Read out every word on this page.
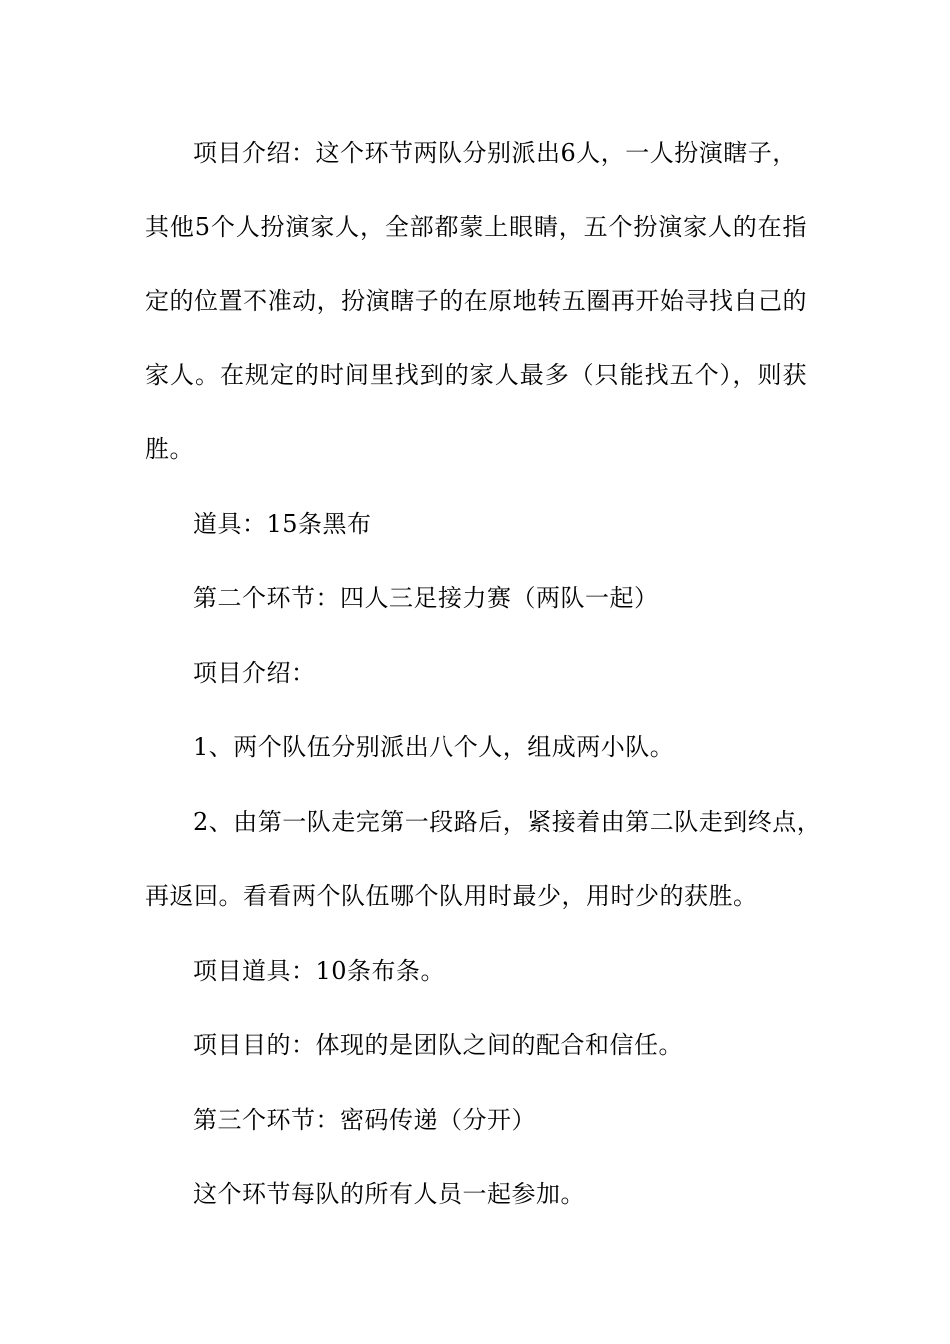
项目介绍：这个环节两队分别派出6人，一人扮演瞎子，
其他5个人扮演家人，全部都蒙上眼睛，五个扮演家人的在指
定的位置不准动，扮演瞎子的在原地转五圈再开始寻找自己的
家人。在规定的时间里找到的家人最多（只能找五个），则获
胜。
道具：15条黑布
第二个环节：四人三足接力赛（两队一起）
项目介绍：
1、两个队伍分别派出八个人，组成两小队。
2、由第一队走完第一段路后，紧接着由第二队走到终点，
再返回。看看两个队伍哪个队用时最少，用时少的获胜。
项目道具：10条布条。
项目目的：体现的是团队之间的配合和信任。
第三个环节：密码传递（分开）
这个环节每队的所有人员一起参加。
